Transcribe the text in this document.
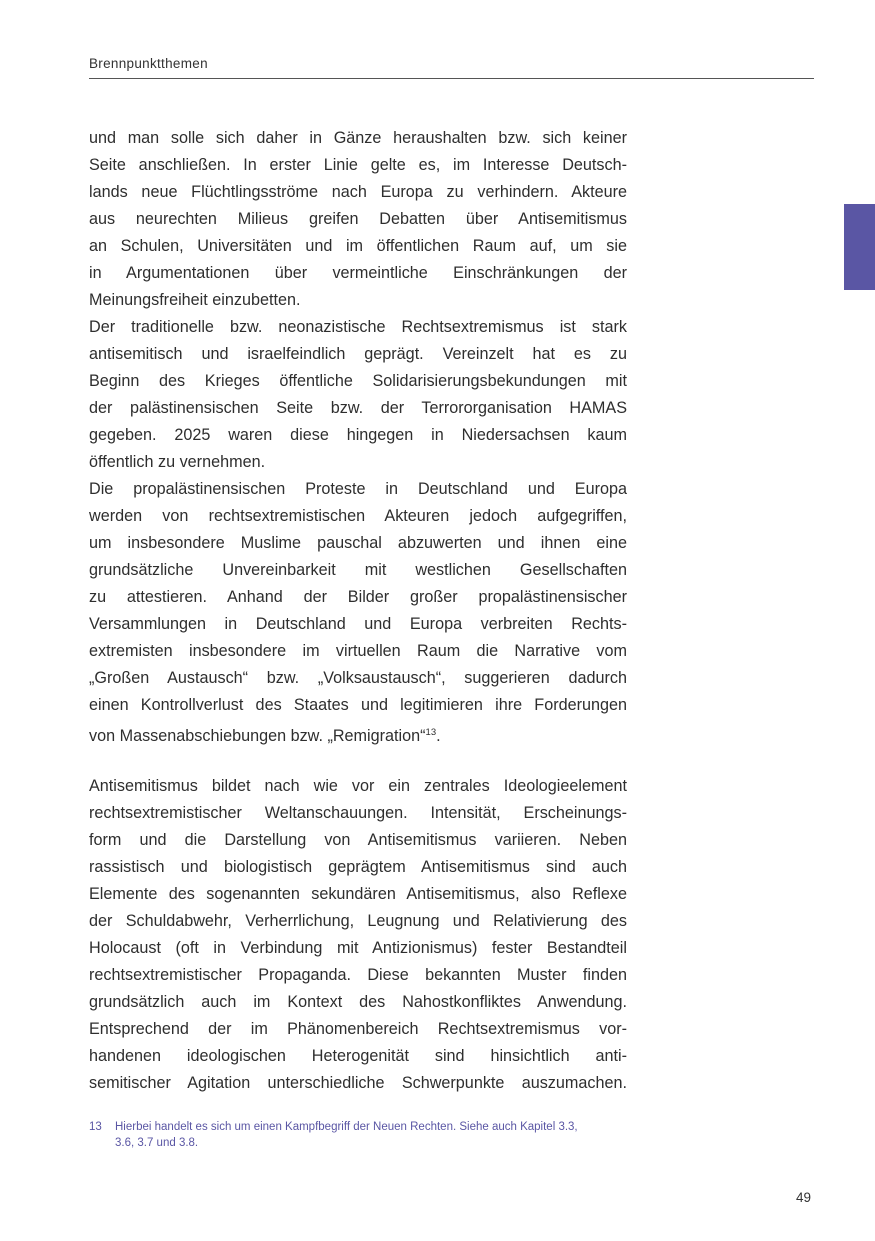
Brennpunktthemen
und man solle sich daher in Gänze heraushalten bzw. sich keiner
Seite anschließen. In erster Linie gelte es, im Interesse Deutsch-
lands neue Flüchtlingsströme nach Europa zu verhindern. Akteure
aus neurechten Milieus greifen Debatten über Antisemitismus
an Schulen, Universitäten und im öffentlichen Raum auf, um sie
in Argumentationen über vermeintliche Einschränkungen der
Meinungsfreiheit einzubetten.
Der traditionelle bzw. neonazistische Rechtsextremismus ist stark
antisemitisch und israelfeindlich geprägt. Vereinzelt hat es zu
Beginn des Krieges öffentliche Solidarisierungsbekundungen mit
der palästinensischen Seite bzw. der Terrororganisation HAMAS
gegeben. 2025 waren diese hingegen in Niedersachsen kaum
öffentlich zu vernehmen.
Die propalästinensischen Proteste in Deutschland und Europa
werden von rechtsextremistischen Akteuren jedoch aufgegriffen,
um insbesondere Muslime pauschal abzuwerten und ihnen eine
grundsätzliche Unvereinbarkeit mit westlichen Gesellschaften
zu attestieren. Anhand der Bilder großer propalästinensischer
Versammlungen in Deutschland und Europa verbreiten Rechts-
extremisten insbesondere im virtuellen Raum die Narrative vom
„Großen Austausch“ bzw. „Volksaustausch“, suggerieren dadurch
einen Kontrollverlust des Staates und legitimieren ihre Forderungen
von Massenabschiebungen bzw. „Remigration“$^{13}$.
Antisemitismus bildet nach wie vor ein zentrales Ideologieelement
rechtsextremistischer Weltanschauungen. Intensität, Erscheinungs-
form und die Darstellung von Antisemitismus variieren. Neben
rassistisch und biologistisch geprägtem Antisemitismus sind auch
Elemente des sogenannten sekundären Antisemitismus, also Reflexe
der Schuldabwehr, Verherrlichung, Leugnung und Relativierung des
Holocaust (oft in Verbindung mit Antizionismus) fester Bestandteil
rechtsextremistischer Propaganda. Diese bekannten Muster finden
grundsätzlich auch im Kontext des Nahostkonfliktes Anwendung.
Entsprechend der im Phänomenbereich Rechtsextremismus vor-
handenen ideologischen Heterogenität sind hinsichtlich anti-
semitischer Agitation unterschiedliche Schwerpunkte auszumachen.
13 Hierbei handelt es sich um einen Kampfbegriff der Neuen Rechten. Siehe auch Kapitel 3.3,
3.6, 3.7 und 3.8.
49
